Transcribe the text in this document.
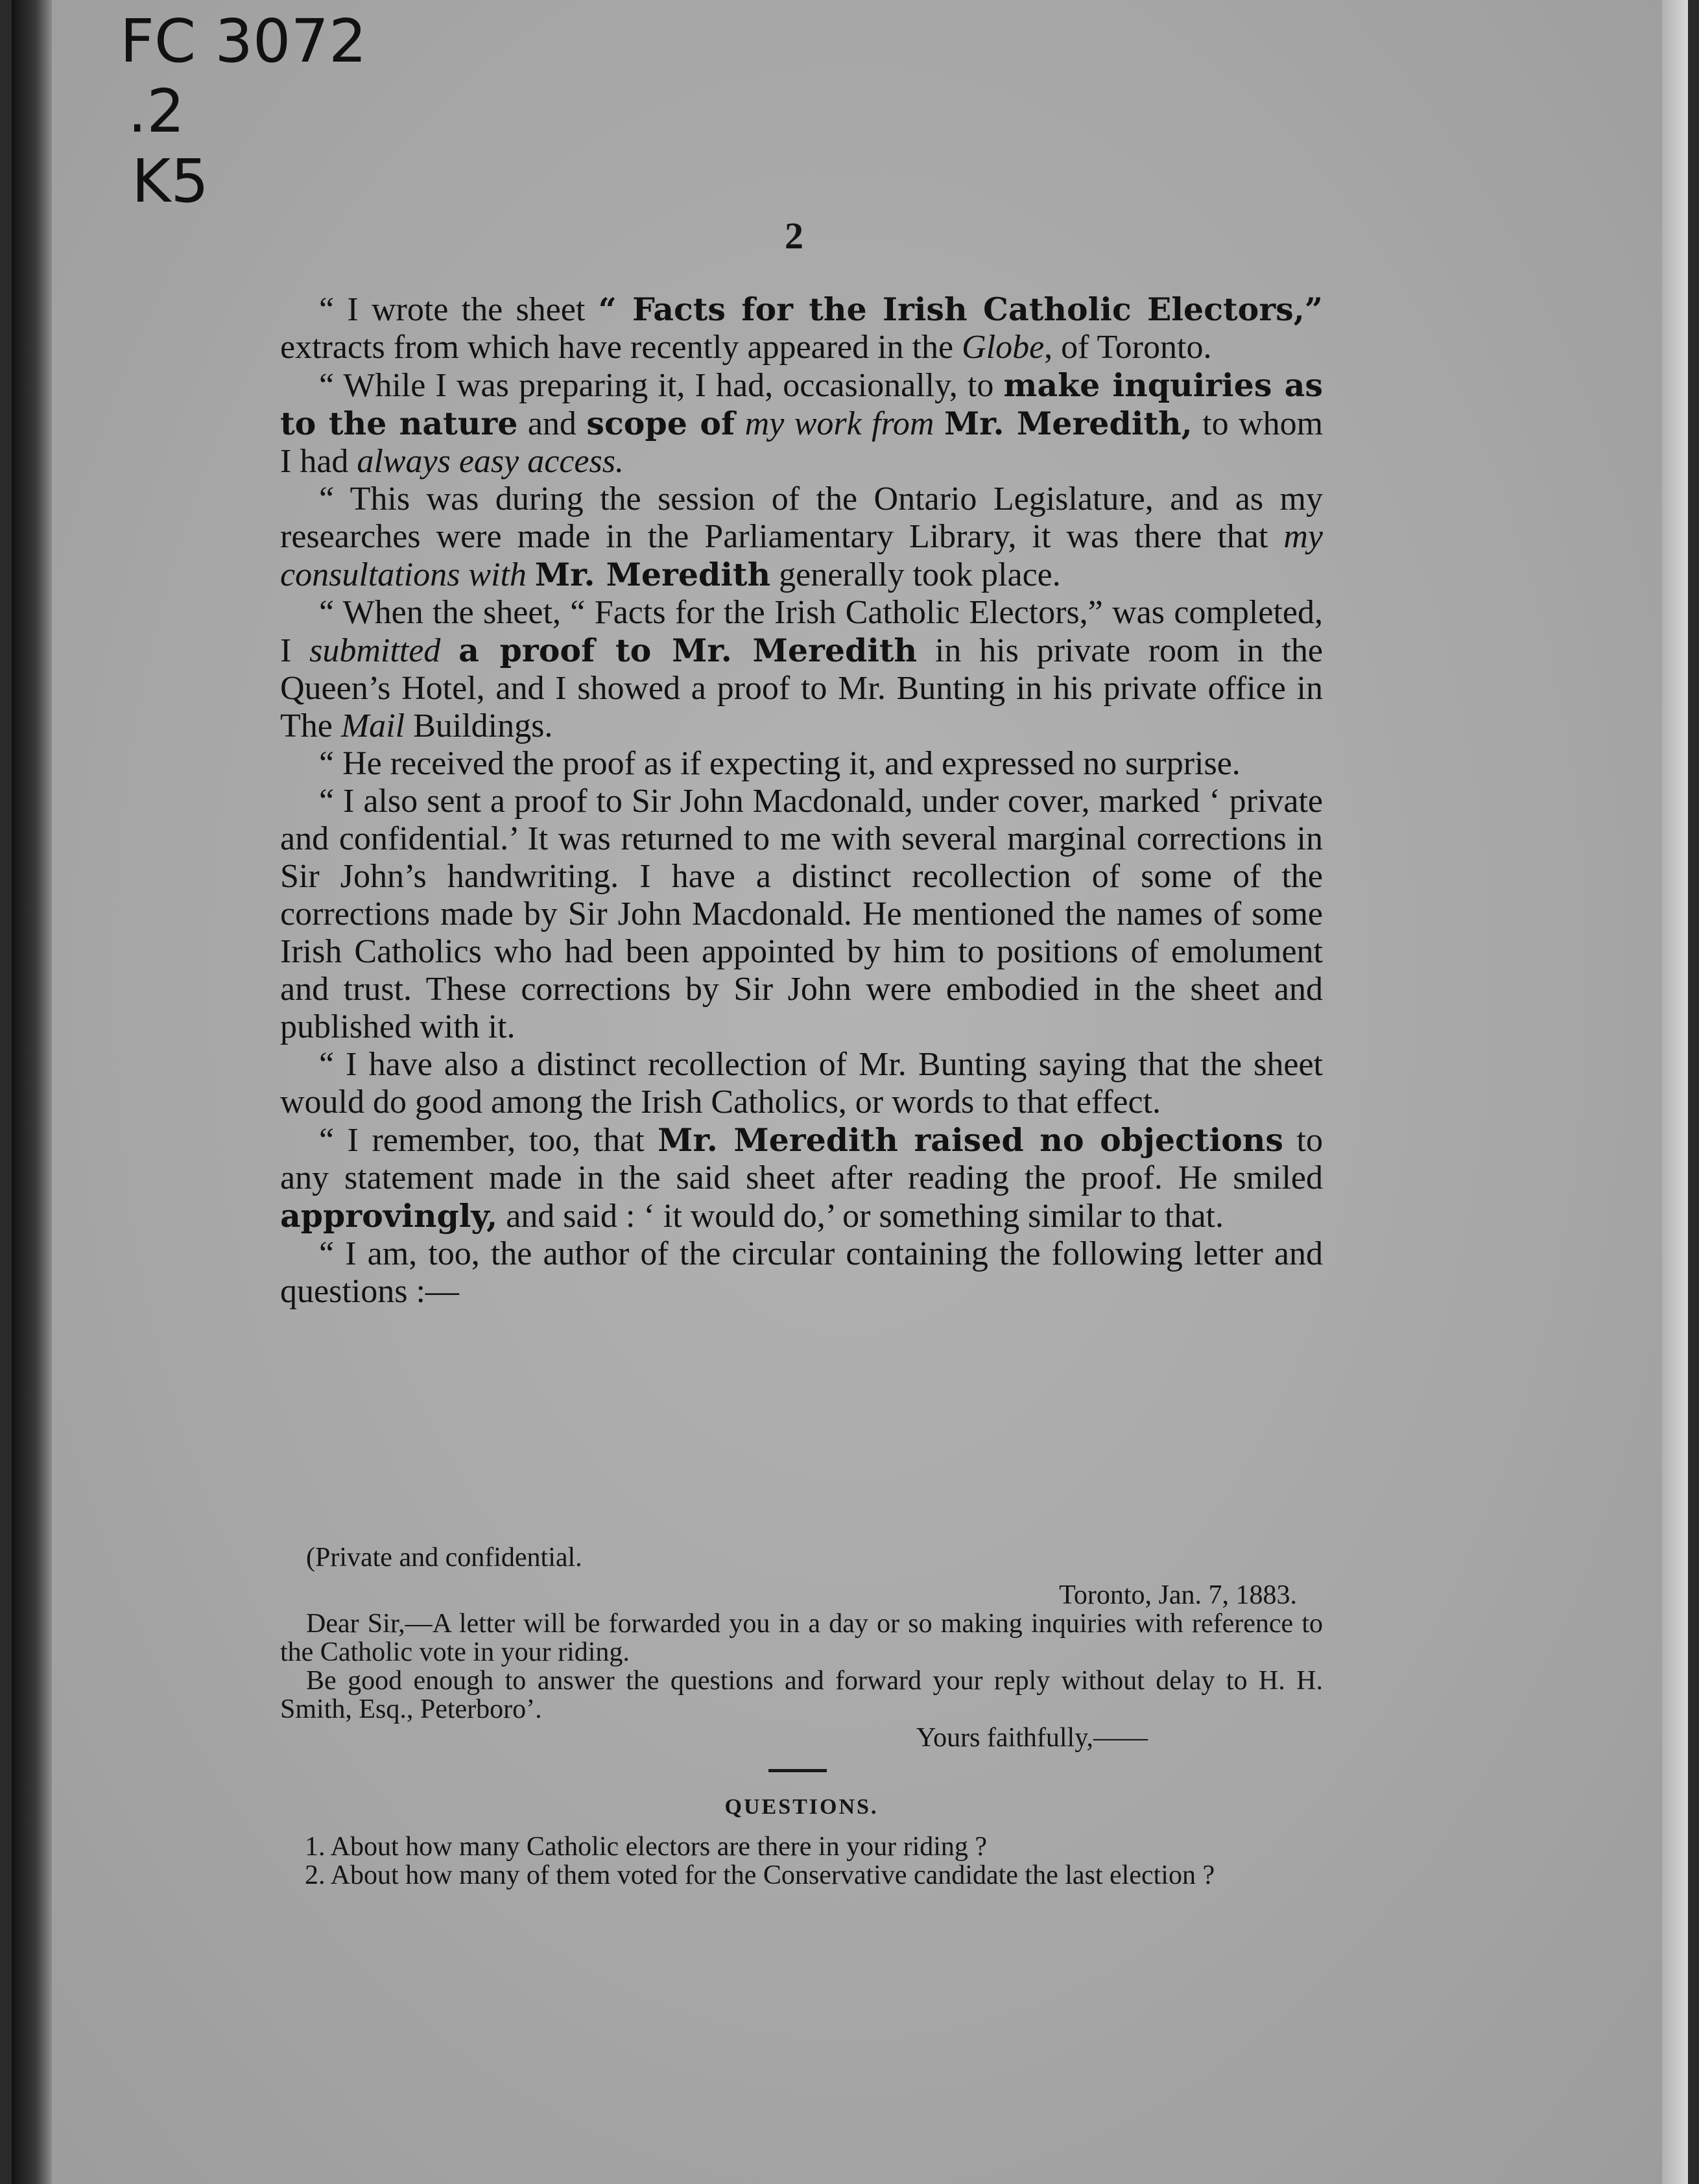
FC 3072
.2
K5
2

“ I wrote the sheet “ Facts for the Irish Catholic Electors,” extracts from which have recently appeared in the Globe, of Toronto.

“ While I was preparing it, I had, occasionally, to make inquiries as to the nature and scope of my work from Mr. Meredith, to whom I had always easy access.

“ This was during the session of the Ontario Legislature, and as my researches were made in the Parliamentary Library, it was there that my consultations with Mr. Meredith generally took place.

“ When the sheet, “ Facts for the Irish Catholic Electors,” was completed, I submitted a proof to Mr. Meredith in his private room in the Queen’s Hotel, and I showed a proof to Mr. Bunting in his private office in The Mail Buildings.

“ He received the proof as if expecting it, and expressed no surprise.

“ I also sent a proof to Sir John Macdonald, under cover, marked ‘ private and confidential.’ It was returned to me with several marginal corrections in Sir John’s handwriting. I have a distinct recollection of some of the corrections made by Sir John Macdonald. He mentioned the names of some Irish Catholics who had been appointed by him to positions of emolument and trust. These corrections by Sir John were embodied in the sheet and published with it.

“ I have also a distinct recollection of Mr. Bunting saying that the sheet would do good among the Irish Catholics, or words to that effect.

“ I remember, too, that Mr. Meredith raised no objections to any statement made in the said sheet after reading the proof. He smiled approvingly, and said : ‘ it would do,’ or something similar to that.

“ I am, too, the author of the circular containing the following letter and questions :—

(Private and confidential.

Toronto, Jan. 7, 1883.

Dear Sir,—A letter will be forwarded you in a day or so making inquiries with reference to the Catholic vote in your riding.

Be good enough to answer the questions and forward your reply without delay to H. H. Smith, Esq., Peterboro’.

Yours faithfully,——

QUESTIONS.

1. About how many Catholic electors are there in your riding ?

2. About how many of them voted for the Conservative candidate the last election ?
